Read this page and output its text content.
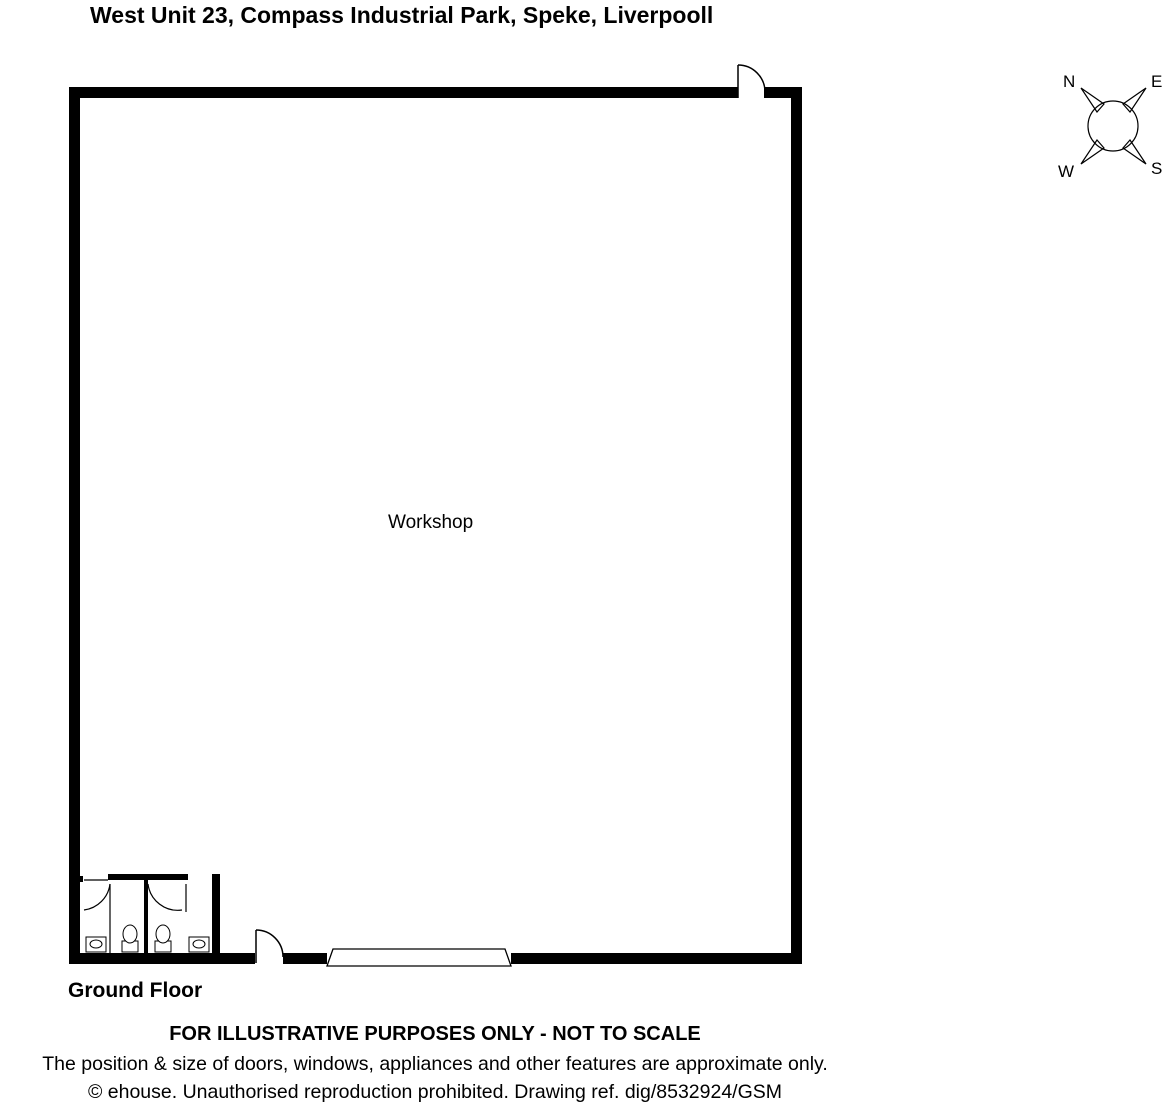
West Unit 23, Compass Industrial Park, Speke, Liverpooll
N	E
S
W
Workshop
Ground Floor
FOR ILLUSTRATIVE PURPOSES ONLY - NOT TO SCALE
The position & size of doors, windows, appliances and other features are approximate only.
© ehouse. Unauthorised reproduction prohibited. Drawing ref. dig/8532924/GSM
